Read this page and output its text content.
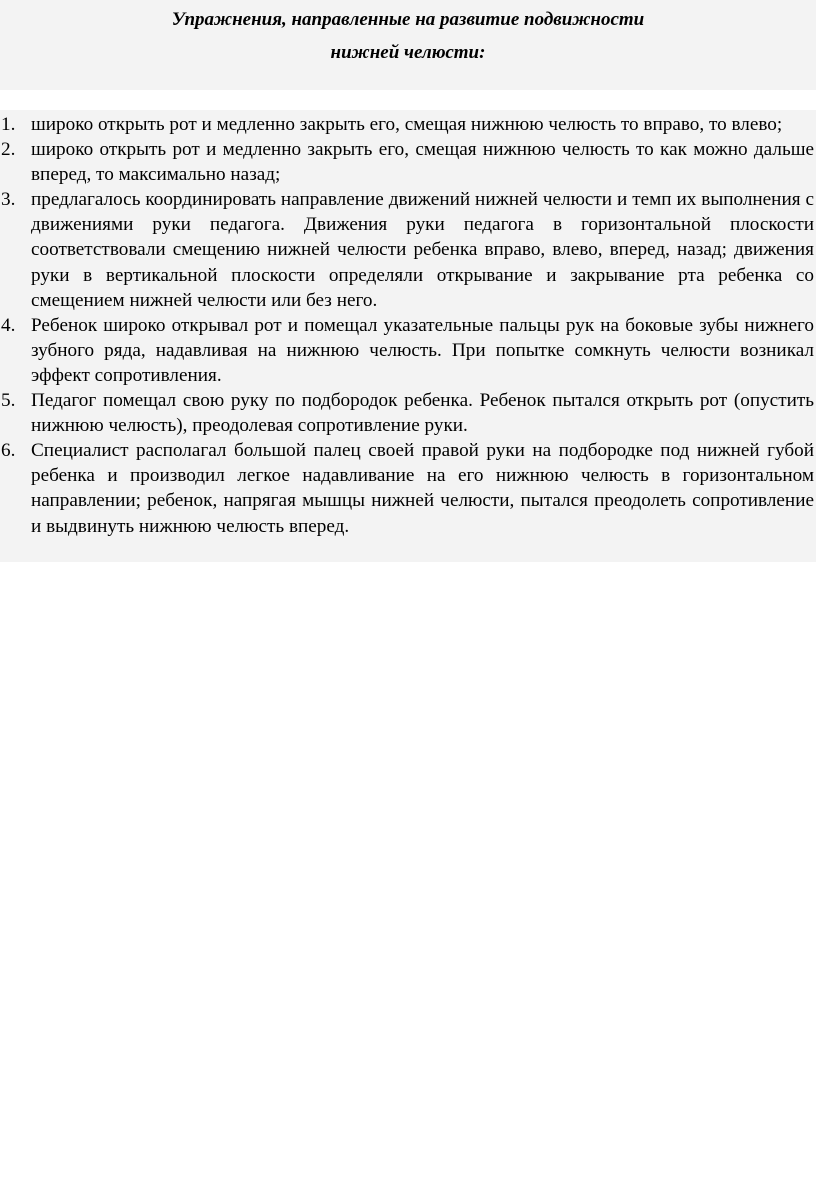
Упражнения, направленные на развитие подвижности
нижней челюсти:
1. широко открыть рот и медленно закрыть его, смещая нижнюю челюсть то вправо, то влево;
2. широко открыть рот и медленно закрыть его, смещая нижнюю челюсть то как можно дальше вперед, то максимально назад;
3. предлагалось координировать направление движений нижней челюсти и темп их выполнения с движениями руки педагога. Движения руки педагога в горизонтальной плоскости соответствовали смещению нижней челюсти ребенка вправо, влево, вперед, назад; движения руки в вертикальной плоскости определяли открывание и закрывание рта ребенка со смещением нижней челюсти или без него.
4. Ребенок широко открывал рот и помещал указательные пальцы рук на боковые зубы нижнего зубного ряда, надавливая на нижнюю челюсть. При попытке сомкнуть челюсти возникал эффект сопротивления.
5. Педагог помещал свою руку по подбородок ребенка. Ребенок пытался открыть рот (опустить нижнюю челюсть), преодолевая сопротивление руки.
6. Специалист располагал большой палец своей правой руки на подбородке под нижней губой ребенка и производил легкое надавливание на его нижнюю челюсть в горизонтальном направлении; ребенок, напрягая мышцы нижней челюсти, пытался преодолеть сопротивление и выдвинуть нижнюю челюсть вперед.
